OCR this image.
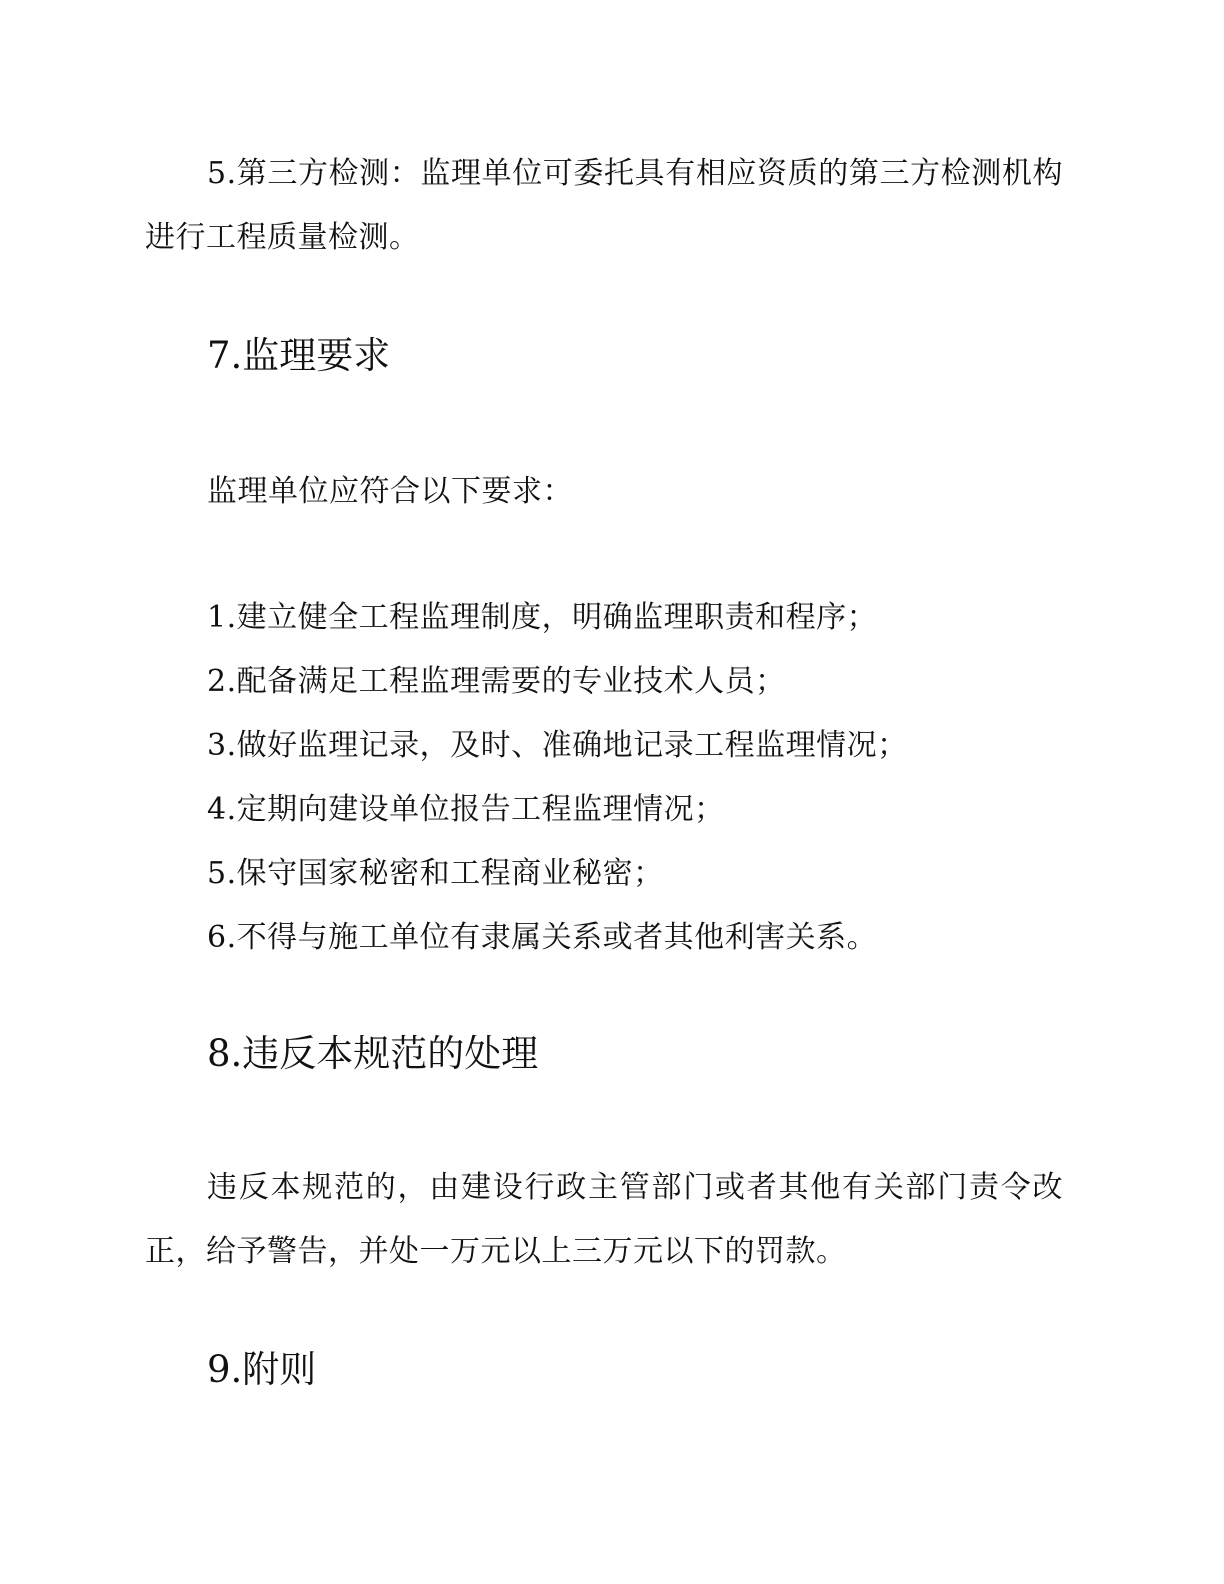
5.第三方检测：监理单位可委托具有相应资质的第三方检测机构进行工程质量检测。

7.监理要求

监理单位应符合以下要求：

1.建立健全工程监理制度，明确监理职责和程序；

2.配备满足工程监理需要的专业技术人员；

3.做好监理记录，及时、准确地记录工程监理情况；

4.定期向建设单位报告工程监理情况；

5.保守国家秘密和工程商业秘密；

6.不得与施工单位有隶属关系或者其他利害关系。

8.违反本规范的处理

违反本规范的，由建设行政主管部门或者其他有关部门责令改正，给予警告，并处一万元以上三万元以下的罚款。

9.附则
